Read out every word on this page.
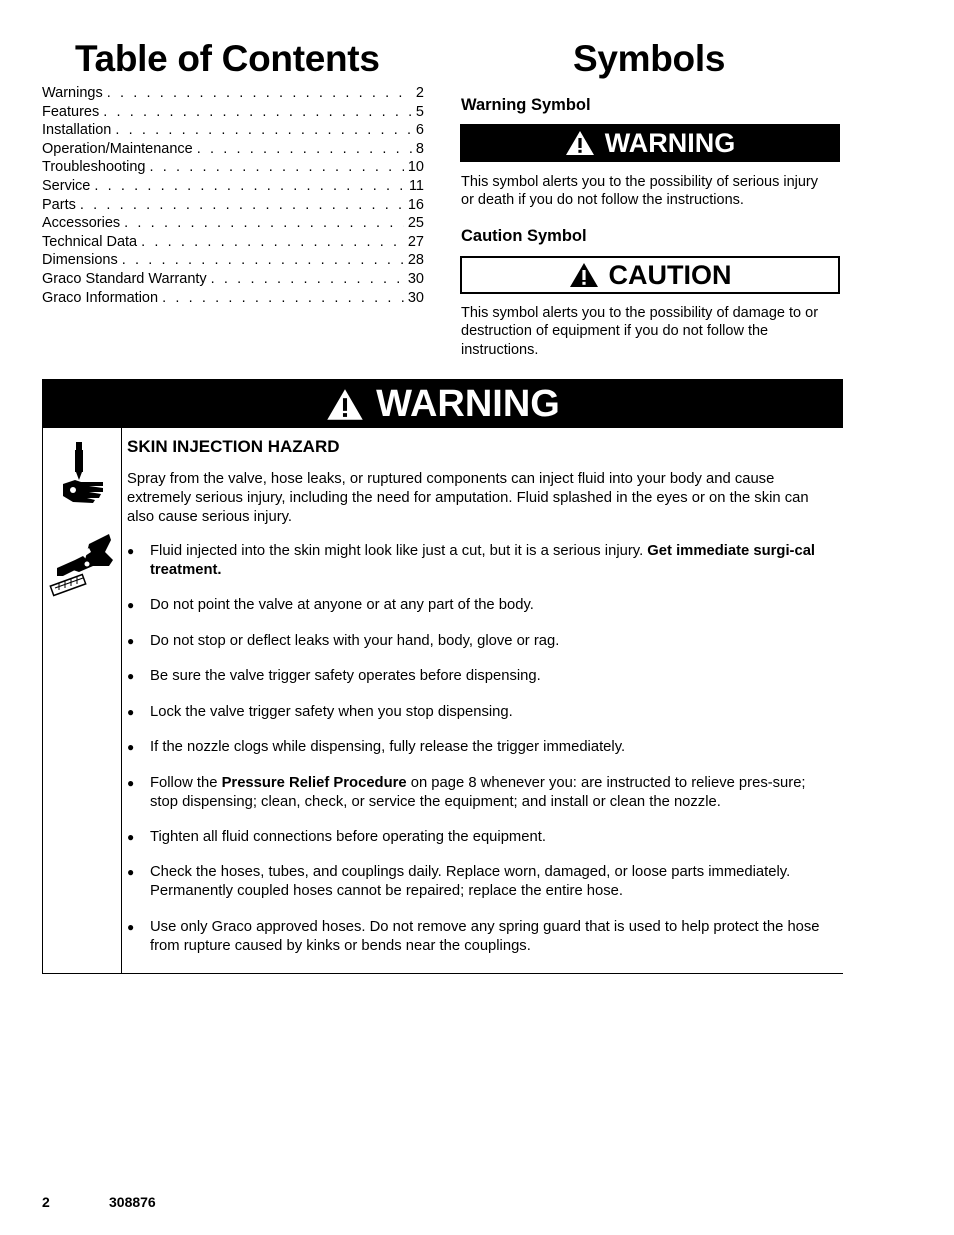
Table of Contents
Warnings . . .	2
Features . . .	5
Installation . . .	6
Operation/Maintenance . . .	8
Troubleshooting . . .	10
Service . . .	11
Parts . . .	16
Accessories . . .	25
Technical Data . . .	27
Dimensions . . .	28
Graco Standard Warranty . . .	30
Graco Information . . .	30
Symbols
Warning Symbol
WARNING
This symbol alerts you to the possibility of serious injury or death if you do not follow the instructions.
Caution Symbol
CAUTION
This symbol alerts you to the possibility of damage to or destruction of equipment if you do not follow the instructions.
WARNING
SKIN INJECTION HAZARD
Spray from the valve, hose leaks, or ruptured components can inject fluid into your body and cause extremely serious injury, including the need for amputation. Fluid splashed in the eyes or on the skin can also cause serious injury.
● Fluid injected into the skin might look like just a cut, but it is a serious injury. Get immediate surgi-cal treatment.
● Do not point the valve at anyone or at any part of the body.
● Do not stop or deflect leaks with your hand, body, glove or rag.
● Be sure the valve trigger safety operates before dispensing.
● Lock the valve trigger safety when you stop dispensing.
● If the nozzle clogs while dispensing, fully release the trigger immediately.
● Follow the Pressure Relief Procedure on page 8 whenever you: are instructed to relieve pres-sure; stop dispensing; clean, check, or service the equipment; and install or clean the nozzle.
● Tighten all fluid connections before operating the equipment.
● Check the hoses, tubes, and couplings daily. Replace worn, damaged, or loose parts immediately. Permanently coupled hoses cannot be repaired; replace the entire hose.
● Use only Graco approved hoses. Do not remove any spring guard that is used to help protect the hose from rupture caused by kinks or bends near the couplings.
2	308876
